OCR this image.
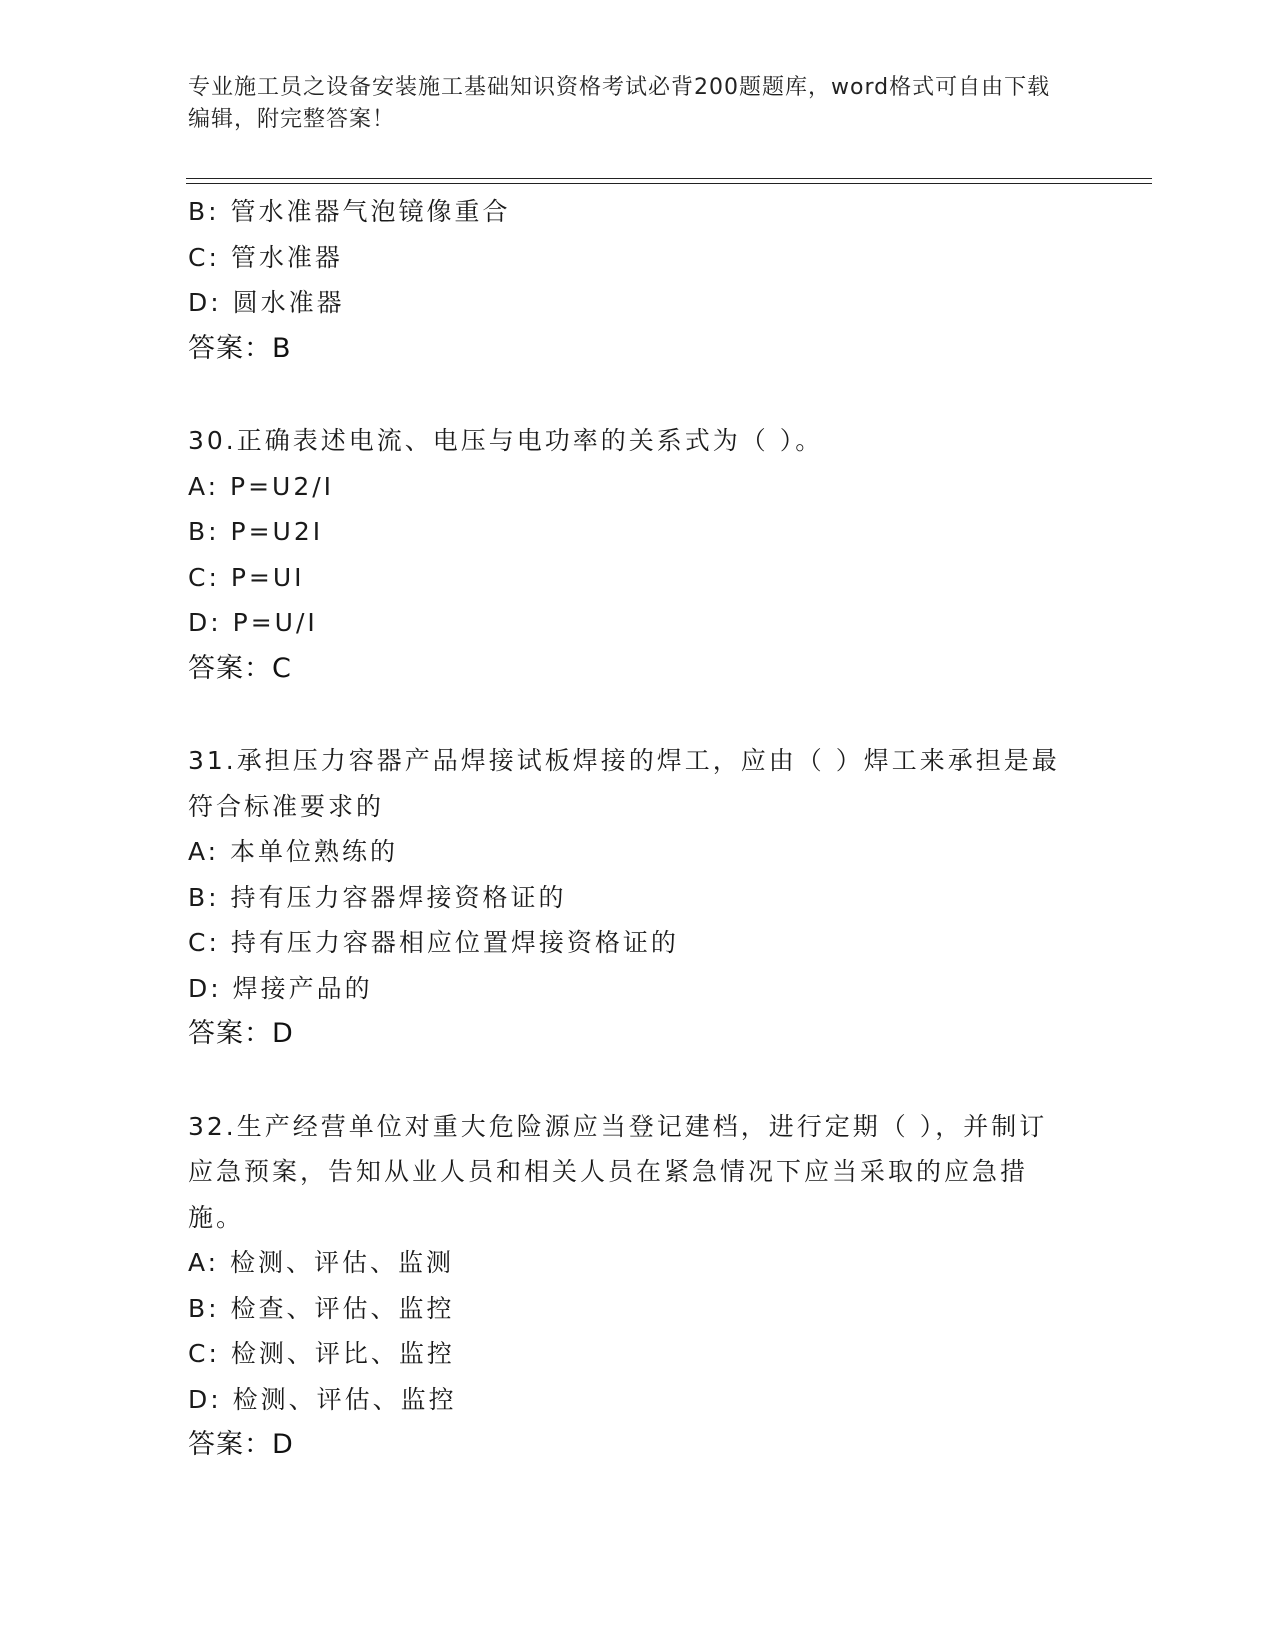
专业施工员之设备安装施工基础知识资格考试必背200题题库，word格式可自由下载编辑，附完整答案！
B: 管水准器气泡镜像重合
C: 管水准器
D: 圆水准器
答案：B
30.正确表述电流、电压与电功率的关系式为（ ）。
A: P=U2/I
B: P=U2I
C: P=UI
D: P=U/I
答案：C
31.承担压力容器产品焊接试板焊接的焊工，应由（ ）焊工来承担是最符合标准要求的
A: 本单位熟练的
B: 持有压力容器焊接资格证的
C: 持有压力容器相应位置焊接资格证的
D: 焊接产品的
答案：D
32.生产经营单位对重大危险源应当登记建档，进行定期（ ），并制订应急预案，告知从业人员和相关人员在紧急情况下应当采取的应急措施。
A: 检测、评估、监测
B: 检查、评估、监控
C: 检测、评比、监控
D: 检测、评估、监控
答案：D
